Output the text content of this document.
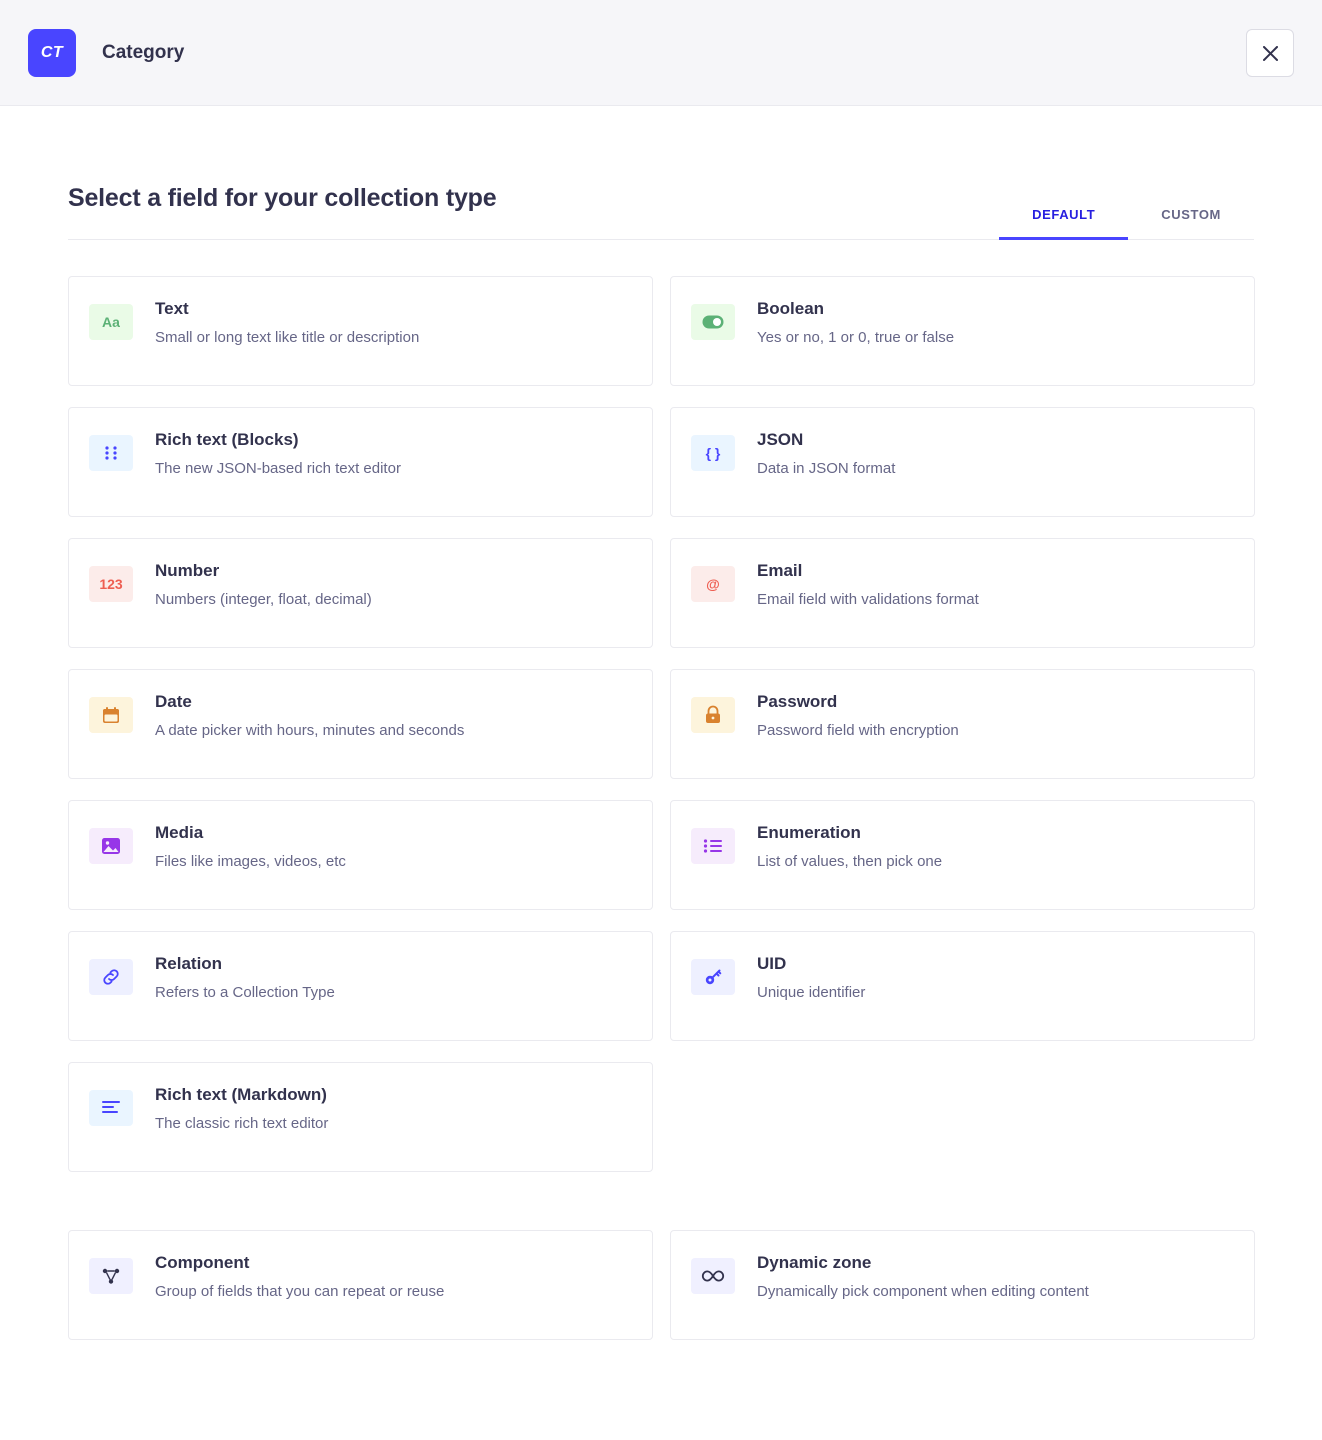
CT	Category
Select a field for your collection type
DEFAULT	CUSTOM
Aa
Text
Small or long text like title or description
Boolean
Yes or no, 1 or 0, true or false
Rich text (Blocks)
The new JSON-based rich text editor
{ }
JSON
Data in JSON format
123
Number
Numbers (integer, float, decimal)
@
Email
Email field with validations format
Date
A date picker with hours, minutes and seconds
Password
Password field with encryption
Media
Files like images, videos, etc
Enumeration
List of values, then pick one
Relation
Refers to a Collection Type
UID
Unique identifier
Rich text (Markdown)
The classic rich text editor
Component
Group of fields that you can repeat or reuse
Dynamic zone
Dynamically pick component when editing content
